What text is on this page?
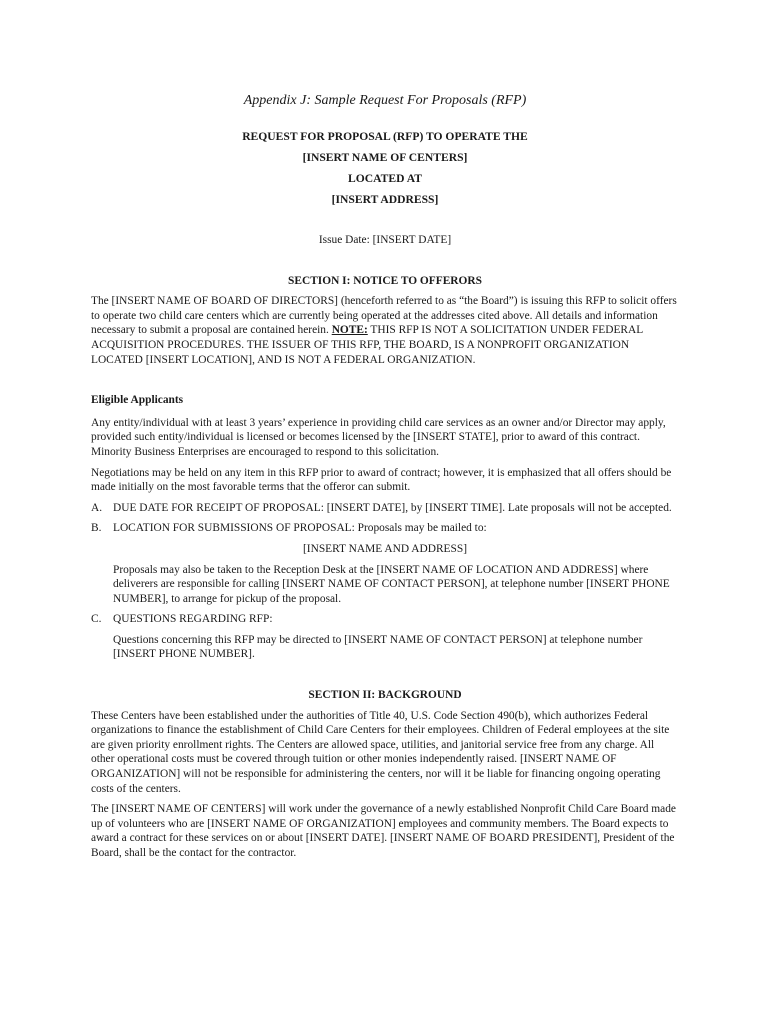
Appendix J: Sample Request For Proposals (RFP)
REQUEST FOR PROPOSAL (RFP) TO OPERATE THE
[INSERT NAME OF CENTERS]
LOCATED AT
[INSERT ADDRESS]
Issue Date: [INSERT DATE]
SECTION I: NOTICE TO OFFERORS

The [INSERT NAME OF BOARD OF DIRECTORS] (henceforth referred to as “the Board”) is issuing this RFP to solicit offers to operate two child care centers which are currently being operated at the addresses cited above. All details and information necessary to submit a proposal are contained herein. NOTE: THIS RFP IS NOT A SOLICITATION UNDER FEDERAL ACQUISITION PROCEDURES. THE ISSUER OF THIS RFP, THE BOARD, IS A NONPROFIT ORGANIZATION LOCATED [INSERT LOCATION], AND IS NOT A FEDERAL ORGANIZATION.

Eligible Applicants

Any entity/individual with at least 3 years’ experience in providing child care services as an owner and/or Director may apply, provided such entity/individual is licensed or becomes licensed by the [INSERT STATE], prior to award of this contract. Minority Business Enterprises are encouraged to respond to this solicitation.

Negotiations may be held on any item in this RFP prior to award of contract; however, it is emphasized that all offers should be made initially on the most favorable terms that the offeror can submit.

A. DUE DATE FOR RECEIPT OF PROPOSAL: [INSERT DATE], by [INSERT TIME]. Late proposals will not be accepted.
B.	LOCATION FOR SUBMISSIONS OF PROPOSAL: Proposals may be mailed to:
[INSERT NAME AND ADDRESS]
Proposals may also be taken to the Reception Desk at the [INSERT NAME OF LOCATION AND ADDRESS] where deliverers are responsible for calling [INSERT NAME OF CONTACT PERSON], at telephone number [INSERT PHONE NUMBER], to arrange for pickup of the proposal.
C.	QUESTIONS REGARDING RFP:
Questions concerning this RFP may be directed to [INSERT NAME OF CONTACT PERSON] at telephone number [INSERT PHONE NUMBER].
SECTION II: BACKGROUND

These Centers have been established under the authorities of Title 40, U.S. Code Section 490(b), which authorizes Federal organizations to finance the establishment of Child Care Centers for their employees. Children of Federal employees at the site are given priority enrollment rights. The Centers are allowed space, utilities, and janitorial service free from any charge. All other operational costs must be covered through tuition or other monies independently raised. [INSERT NAME OF ORGANIZATION] will not be responsible for administering the centers, nor will it be liable for financing ongoing operating costs of the centers.

The [INSERT NAME OF CENTERS] will work under the governance of a newly established Nonprofit Child Care Board made up of volunteers who are [INSERT NAME OF ORGANIZATION] employees and community members. The Board expects to award a contract for these services on or about [INSERT DATE]. [INSERT NAME OF BOARD PRESIDENT], President of the Board, shall be the contact for the contractor.
